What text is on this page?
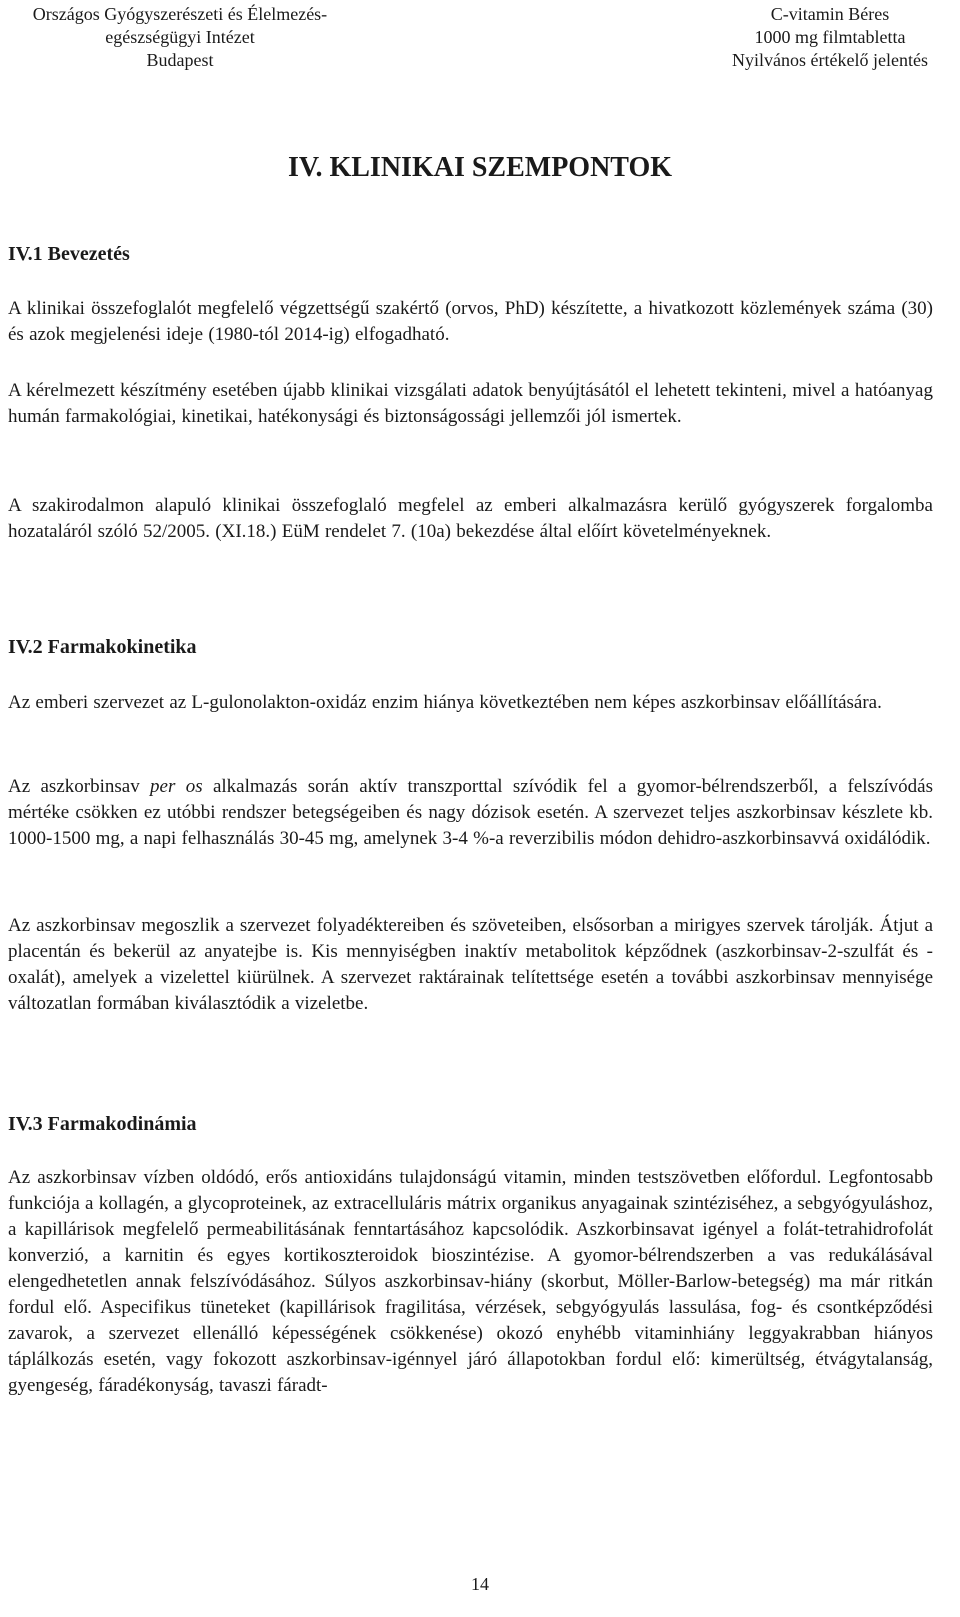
Országos Gyógyszerészeti és Élelmezés-
egészségügyi Intézet
Budapest
C-vitamin Béres
1000 mg filmtabletta
Nyilvános értékelő jelentés
IV. KLINIKAI SZEMPONTOK
IV.1 Bevezetés

A klinikai összefoglalót megfelelő végzettségű szakértő (orvos, PhD) készítette, a hivatkozott közlemények száma (30) és azok megjelenési ideje (1980-tól 2014-ig) elfogadható.

A kérelmezett készítmény esetében újabb klinikai vizsgálati adatok benyújtásától el lehetett tekinteni, mivel a hatóanyag humán farmakológiai, kinetikai, hatékonysági és biztonságossági jellemzői jól ismertek.

A szakirodalmon alapuló klinikai összefoglaló megfelel az emberi alkalmazásra kerülő gyógyszerek forgalomba hozataláról szóló 52/2005. (XI.18.) EüM rendelet 7. (10a) bekezdése által előírt követelményeknek.

IV.2 Farmakokinetika

Az emberi szervezet az L-gulonolakton-oxidáz enzim hiánya következtében nem képes aszkorbinsav előállítására.

Az aszkorbinsav per os alkalmazás során aktív transzporttal szívódik fel a gyomor-bélrendszerből, a felszívódás mértéke csökken ez utóbbi rendszer betegségeiben és nagy dózisok esetén. A szervezet teljes aszkorbinsav készlete kb. 1000-1500 mg, a napi felhasználás 30-45 mg, amelynek 3-4 %-a reverzibilis módon dehidro-aszkorbinsavvá oxidálódik.

Az aszkorbinsav megoszlik a szervezet folyadéktereiben és szöveteiben, elsősorban a mirigyes szervek tárolják. Átjut a placentán és bekerül az anyatejbe is. Kis mennyiségben inaktív metabolitok képződnek (aszkorbinsav-2-szulfát és -oxalát), amelyek a vizelettel kiürülnek. A szervezet raktárainak telítettsége esetén a további aszkorbinsav mennyisége változatlan formában kiválasztódik a vizeletbe.

IV.3 Farmakodinámia

Az aszkorbinsav vízben oldódó, erős antioxidáns tulajdonságú vitamin, minden testszövetben előfordul. Legfontosabb funkciója a kollagén, a glycoproteinek, az extracelluláris mátrix organikus anyagainak szintéziséhez, a sebgyógyuláshoz, a kapillárisok megfelelő permeabilitásának fenntartásához kapcsolódik. Aszkorbinsavat igényel a folát-tetrahidrofolát konverzió, a karnitin és egyes kortikoszteroidok bioszintézise. A gyomor-bélrendszerben a vas redukálásával elengedhetetlen annak felszívódásához. Súlyos aszkorbinsav-hiány (skorbut, Möller-Barlow-betegség) ma már ritkán fordul elő. Aspecifikus tüneteket (kapillárisok fragilitása, vérzések, sebgyógyulás lassulása, fog- és csontképződési zavarok, a szervezet ellenálló képességének csökkenése) okozó enyhébb vitaminhiány leggyakrabban hiányos táplálkozás esetén, vagy fokozott aszkorbinsav-igénnyel járó állapotokban fordul elő: kimerültség, étvágytalanság, gyengeség, fáradékonyság, tavaszi fáradt-

14
